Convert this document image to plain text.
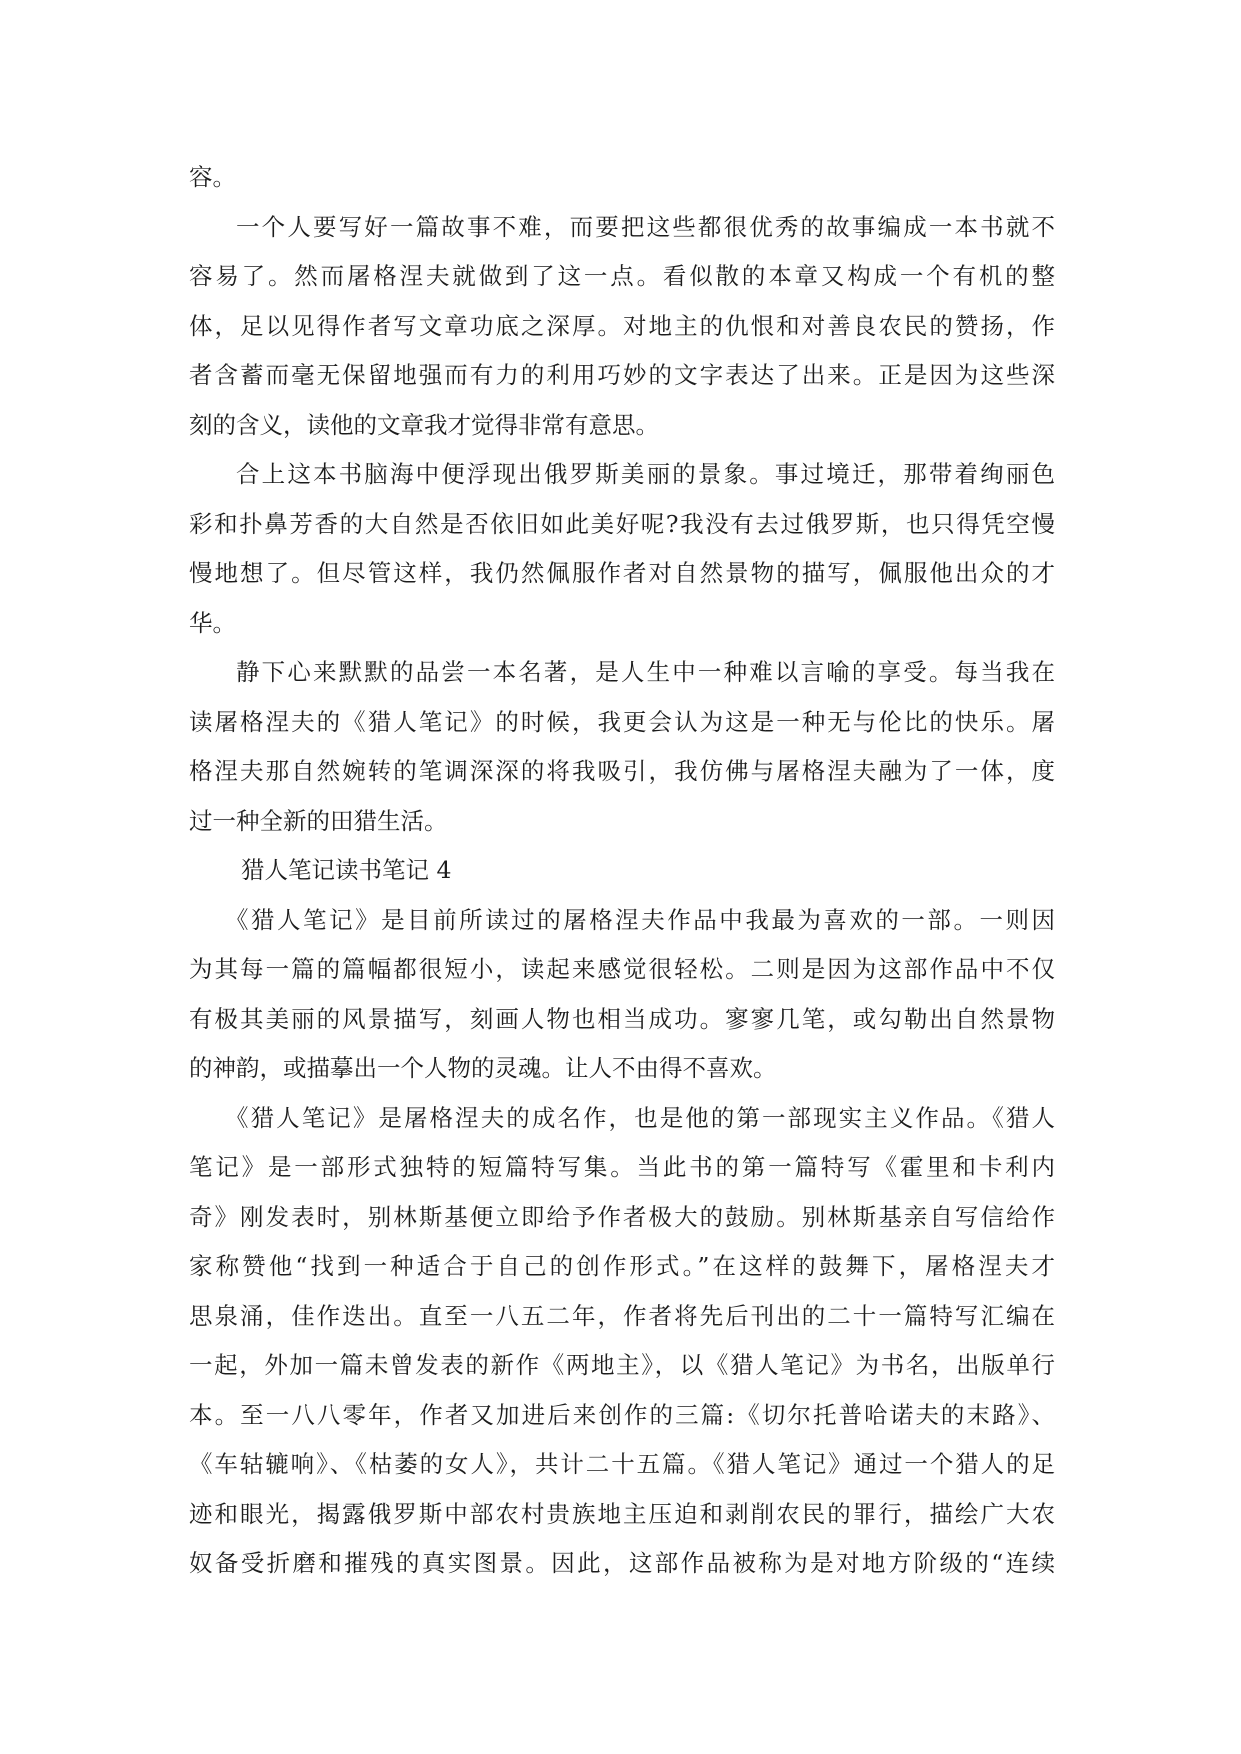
容。
一个人要写好一篇故事不难，而要把这些都很优秀的故事编成一本书就不
容易了。然而屠格涅夫就做到了这一点。看似散的本章又构成一个有机的整
体，足以见得作者写文章功底之深厚。对地主的仇恨和对善良农民的赞扬，作
者含蓄而毫无保留地强而有力的利用巧妙的文字表达了出来。正是因为这些深
刻的含义，读他的文章我才觉得非常有意思。
合上这本书脑海中便浮现出俄罗斯美丽的景象。事过境迁，那带着绚丽色
彩和扑鼻芳香的大自然是否依旧如此美好呢?我没有去过俄罗斯，也只得凭空慢
慢地想了。但尽管这样，我仍然佩服作者对自然景物的描写，佩服他出众的才
华。
静下心来默默的品尝一本名著，是人生中一种难以言喻的享受。每当我在
读屠格涅夫的《猎人笔记》的时候，我更会认为这是一种无与伦比的快乐。屠
格涅夫那自然婉转的笔调深深的将我吸引，我仿佛与屠格涅夫融为了一体，度
过一种全新的田猎生活。
猎人笔记读书笔记 4
《猎人笔记》是目前所读过的屠格涅夫作品中我最为喜欢的一部。一则因
为其每一篇的篇幅都很短小，读起来感觉很轻松。二则是因为这部作品中不仅
有极其美丽的风景描写，刻画人物也相当成功。寥寥几笔，或勾勒出自然景物
的神韵，或描摹出一个人物的灵魂。让人不由得不喜欢。
《猎人笔记》是屠格涅夫的成名作，也是他的第一部现实主义作品。《猎人
笔记》是一部形式独特的短篇特写集。当此书的第一篇特写《霍里和卡利内
奇》刚发表时，别林斯基便立即给予作者极大的鼓励。别林斯基亲自写信给作
家称赞他“找到一种适合于自己的创作形式。”在这样的鼓舞下，屠格涅夫才
思泉涌，佳作迭出。直至一八五二年，作者将先后刊出的二十一篇特写汇编在
一起，外加一篇未曾发表的新作《两地主》，以《猎人笔记》为书名，出版单行
本。至一八八零年，作者又加进后来创作的三篇:《切尔托普哈诺夫的末路》、
《车轱辘响》、《枯萎的女人》，共计二十五篇。《猎人笔记》通过一个猎人的足
迹和眼光，揭露俄罗斯中部农村贵族地主压迫和剥削农民的罪行，描绘广大农
奴备受折磨和摧残的真实图景。因此，这部作品被称为是对地方阶级的“连续
